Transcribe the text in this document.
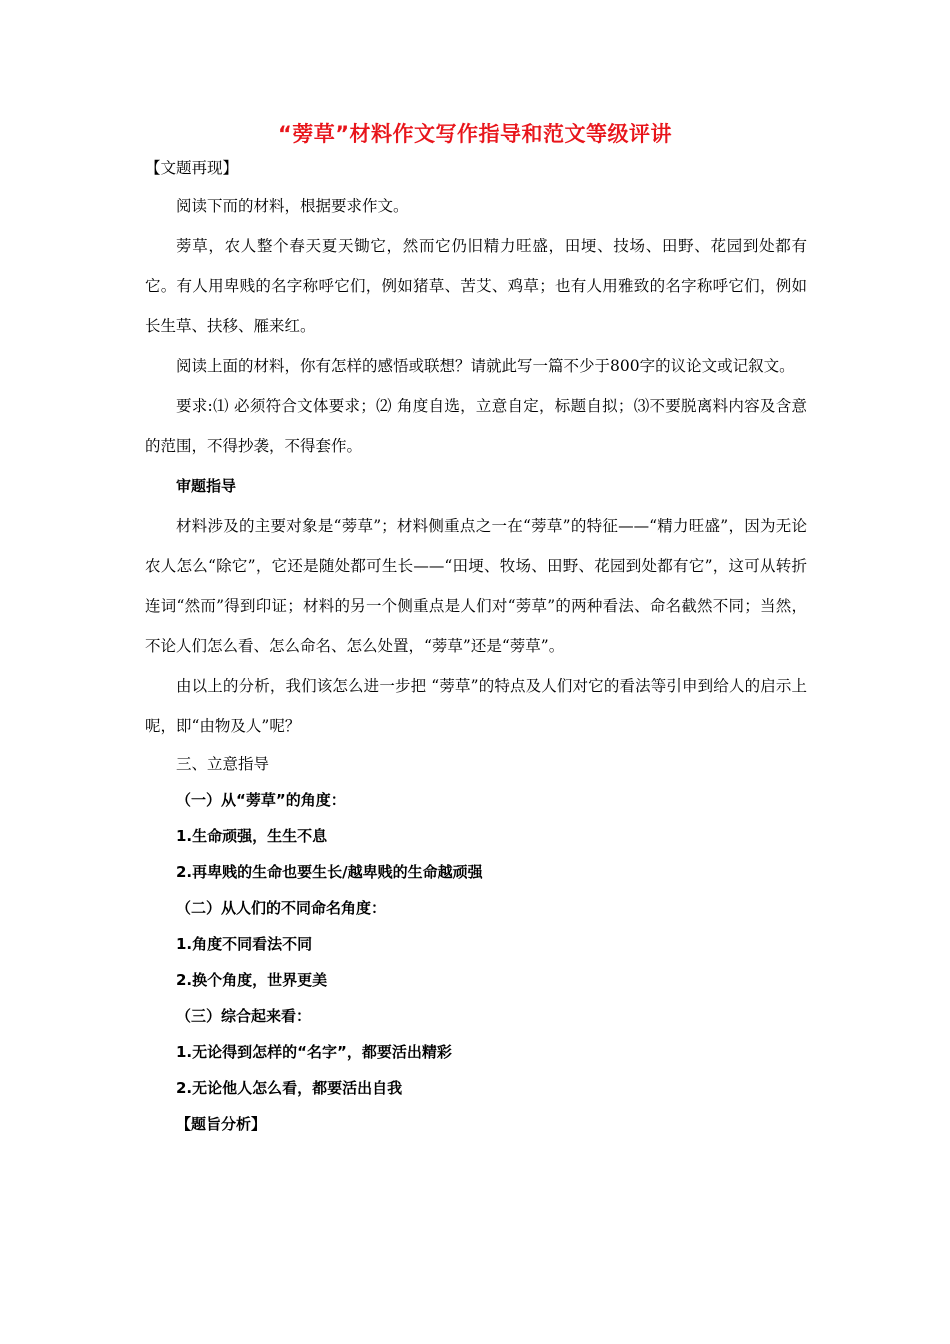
“蒡草”材料作文写作指导和范文等级评讲

【文题再现】

阅读下而的材料，根据要求作文。

蒡草，农人整个春天夏天锄它，然而它仍旧精力旺盛，田埂、技场、田野、花园到处都有它。有人用卑贱的名字称呼它们，例如猪草、苦艾、鸡草；也有人用雅致的名字称呼它们，例如长生草、扶移、雁来红。

阅读上面的材料，你有怎样的感悟或联想？请就此写一篇不少于800字的议论文或记叙文。

要求:⑴ 必须符合文体要求；⑵ 角度自选，立意自定，标题自拟；⑶不要脱离料内容及含意的范围，不得抄袭，不得套作。

审题指导

材料涉及的主要对象是“蒡草”；材料侧重点之一在“蒡草”的特征——“精力旺盛”，因为无论农人怎么“除它”，它还是随处都可生长——“田埂、牧场、田野、花园到处都有它”，这可从转折连词“然而”得到印证；材料的另一个侧重点是人们对“蒡草”的两种看法、命名截然不同；当然，不论人们怎么看、怎么命名、怎么处置，“蒡草”还是“蒡草”。

由以上的分析，我们该怎么进一步把 “蒡草”的特点及人们对它的看法等引申到给人的启示上呢，即“由物及人”呢？

三、立意指导

（一）从“蒡草”的角度：

1.生命顽强，生生不息

2.再卑贱的生命也要生长/越卑贱的生命越顽强

（二）从人们的不同命名角度：

1.角度不同看法不同

2.换个角度，世界更美

（三）综合起来看：

1.无论得到怎样的“名字”，都要活出精彩

2.无论他人怎么看，都要活出自我

【题旨分析】
